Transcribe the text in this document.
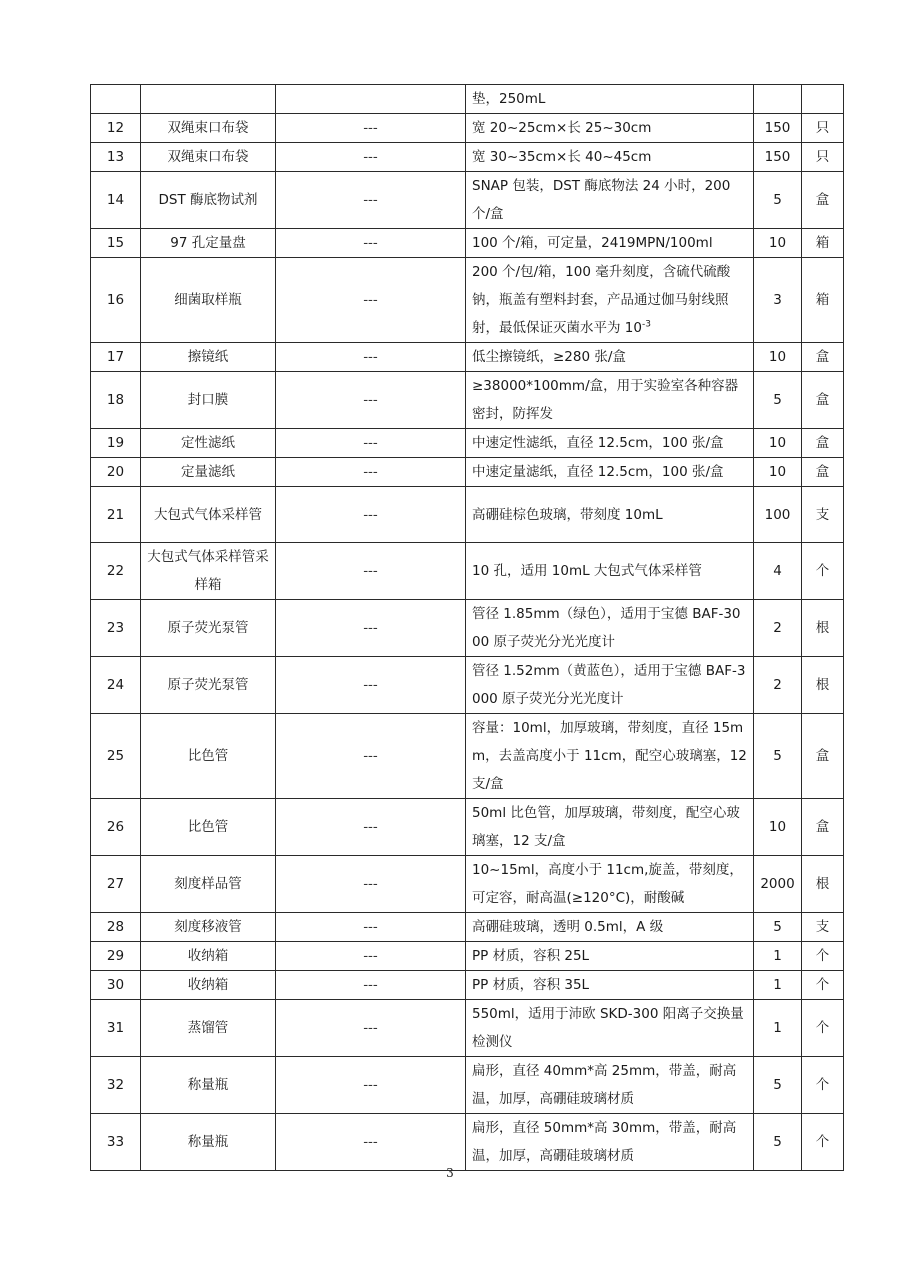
			垫，250mL		
12	双绳束口布袋	---	宽 20~25cm×长 25~30cm	150	只
13	双绳束口布袋	---	宽 30~35cm×长 40~45cm	150	只
14	DST 酶底物试剂	---	SNAP 包装，DST 酶底物法 24 小时，200 个/盒	5	盒
15	97 孔定量盘	---	100 个/箱，可定量，2419MPN/100ml	10	箱
16	细菌取样瓶	---	200 个/包/箱，100 毫升刻度，含硫代硫酸钠，瓶盖有塑料封套，产品通过伽马射线照射，最低保证灭菌水平为 $10^{-3}$	3	箱
17	擦镜纸	---	低尘擦镜纸，≥280 张/盒	10	盒
18	封口膜	---	≥38000*100mm/盒，用于实验室各种容器密封，防挥发	5	盒
19	定性滤纸	---	中速定性滤纸，直径 12.5cm，100 张/盒	10	盒
20	定量滤纸	---	中速定量滤纸，直径 12.5cm，100 张/盒	10	盒
21	大包式气体采样管	---	高硼硅棕色玻璃，带刻度 10mL	100	支
22	大包式气体采样管采样箱	---	10 孔，适用 10mL 大包式气体采样管	4	个
23	原子荧光泵管	---	管径 1.85mm（绿色），适用于宝德 BAF-3000 原子荧光分光光度计	2	根
24	原子荧光泵管	---	管径 1.52mm（黄蓝色），适用于宝德 BAF-3000 原子荧光分光光度计	2	根
25	比色管	---	容量：10ml，加厚玻璃，带刻度，直径 15mm，去盖高度小于 11cm，配空心玻璃塞，12 支/盒	5	盒
26	比色管	---	50ml 比色管，加厚玻璃，带刻度，配空心玻璃塞，12 支/盒	10	盒
27	刻度样品管	---	10~15ml，高度小于 11cm,旋盖，带刻度，可定容，耐高温(≥120°C)，耐酸碱	2000	根
28	刻度移液管	---	高硼硅玻璃，透明 0.5ml，A 级	5	支
29	收纳箱	---	PP 材质，容积 25L	1	个
30	收纳箱	---	PP 材质，容积 35L	1	个
31	蒸馏管	---	550ml，适用于沛欧 SKD-300 阳离子交换量检测仪	1	个
32	称量瓶	---	扁形，直径 40mm*高 25mm，带盖，耐高温，加厚，高硼硅玻璃材质	5	个
33	称量瓶	---	扁形，直径 50mm*高 30mm，带盖，耐高温，加厚，高硼硅玻璃材质	5	个
3
